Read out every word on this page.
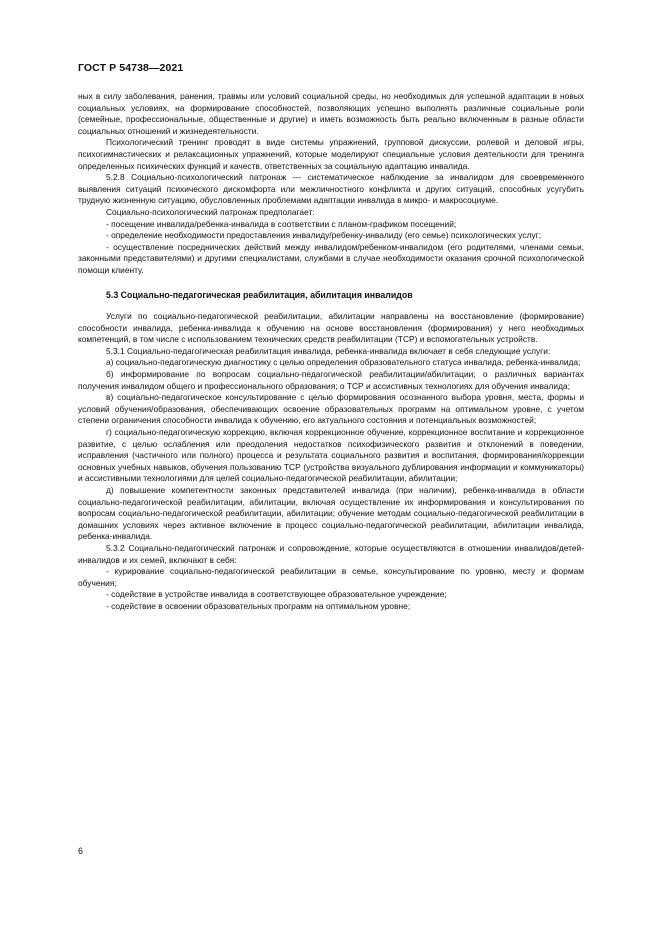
ГОСТ Р 54738—2021

ных в силу заболевания, ранения, травмы или условий социальной среды, но необходимых для успешной адаптации в новых социальных условиях, на формирование способностей, позволяющих успешно выполнять различные социальные роли (семейные, профессиональные, общественные и другие) и иметь возможность быть реально включенным в разные области социальных отношений и жизнедеятельности.

Психологический тренинг проводят в виде системы упражнений, групповой дискуссии, ролевой и деловой игры, психогимнастических и релаксационных упражнений, которые моделируют специальные условия деятельности для тренинга определенных психических функций и качеств, ответственных за социальную адаптацию инвалида.

5.2.8 Социально-психологический патронаж — систематическое наблюдение за инвалидом для своевременного выявления ситуаций психического дискомфорта или межличностного конфликта и других ситуаций, способных усугубить трудную жизненную ситуацию, обусловленных проблемами адаптации инвалида в микро- и макросоциуме.

Социально-психологический патронаж предполагает:

- посещение инвалида/ребенка-инвалида в соответствии с планом-графиком посещений;

- определение необходимости предоставления инвалиду/ребенку-инвалиду (его семье) психологических услуг;

- осуществление посреднических действий между инвалидом/ребенком-инвалидом (его родителями, членами семьи, законными представителями) и другими специалистами, службами в случае необходимости оказания срочной психологической помощи клиенту.

5.3 Социально-педагогическая реабилитация, абилитация инвалидов

Услуги по социально-педагогической реабилитации, абилитации направлены на восстановление (формирование) способности инвалида, ребенка-инвалида к обучению на основе восстановления (формирования) у него необходимых компетенций, в том числе с использованием технических средств реабилитации (ТСР) и вспомогательных устройств.

5.3.1 Социально-педагогическая реабилитация инвалида, ребенка-инвалида включает в себя следующие услуги:

а) социально-педагогическую диагностику с целью определения образовательного статуса инвалида, ребенка-инвалида;

б) информирование по вопросам социально-педагогической реабилитации/абилитации; о различных вариантах получения инвалидом общего и профессионального образования; о ТСР и ассистивных технологиях для обучения инвалида;

в) социально-педагогическое консультирование с целью формирования осознанного выбора уровня, места, формы и условий обучения/образования, обеспечивающих освоение образовательных программ на оптимальном уровне, с учетом степени ограничения способности инвалида к обучению, его актуального состояния и потенциальных возможностей;

г) социально-педагогическую коррекцию, включая коррекционное обучение, коррекционное воспитание и коррекционное развитие, с целью ослабления или преодоления недостатков психофизического развития и отклонений в поведении, исправления (частичного или полного) процесса и результата социального развития и воспитания, формирования/коррекции основных учебных навыков, обучения пользованию ТСР (устройства визуального дублирования информации и коммуникаторы) и ассистивными технологиями для целей социально-педагогической реабилитации, абилитации;

д) повышение компетентности законных представителей инвалида (при наличии), ребенка-инвалида в области социально-педагогической реабилитации, абилитации, включая осуществление их информирования и консультирования по вопросам социально-педагогической реабилитации, абилитации; обучение методам социально-педагогической реабилитации в домашних условиях через активное включение в процесс социально-педагогической реабилитации, абилитации инвалида, ребенка-инвалида.

5.3.2 Социально-педагогический патронаж и сопровождение, которые осуществляются в отношении инвалидов/детей-инвалидов и их семей, включают в себя:

- курирование социально-педагогической реабилитации в семье, консультирование по уровню, месту и формам обучения;

- содействие в устройстве инвалида в соответствующее образовательное учреждение;

- содействие в освоении образовательных программ на оптимальном уровне;

6
